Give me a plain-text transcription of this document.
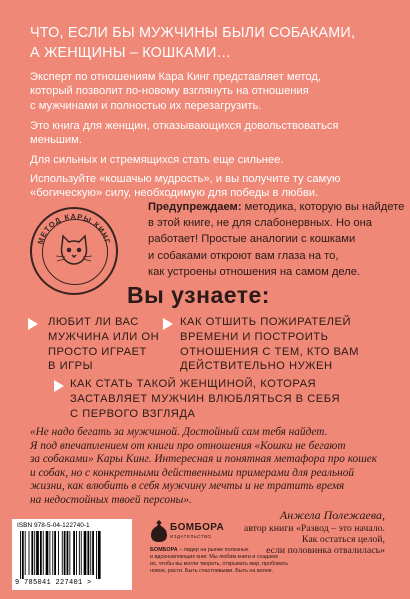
ЧТО, ЕСЛИ БЫ МУЖЧИНЫ БЫЛИ СОБАКАМИ,
А ЖЕНЩИНЫ – КОШКАМИ…
Эксперт по отношениям Кара Кинг представляет метод,
который позволит по-новому взглянуть на отношения
с мужчинами и полностью их перезагрузить.
Это книга для женщин, отказывающихся довольствоваться
меньшим.
Для сильных и стремящихся стать еще сильнее.
Используйте «кошачью мудрость», и вы получите ту самую
«богическую» силу, необходимую для победы в любви.
МЕТОД КАРЫ КИНГ
Предупреждаем: методика, которую вы найдете
в этой книге, не для слабонервных. Но она
работает! Простые аналогии с кошками
и собаками откроют вам глаза на то,
как устроены отношения на самом деле.
Вы узнаете:
ЛЮБИТ ЛИ ВАС
МУЖЧИНА ИЛИ ОН
ПРОСТО ИГРАЕТ
В ИГРЫ
КАК ОТШИТЬ ПОЖИРАТЕЛЕЙ
ВРЕМЕНИ И ПОСТРОИТЬ
ОТНОШЕНИЯ С ТЕМ, КТО ВАМ
ДЕЙСТВИТЕЛЬНО НУЖЕН
КАК СТАТЬ ТАКОЙ ЖЕНЩИНОЙ, КОТОРАЯ
ЗАСТАВЛЯЕТ МУЖЧИН ВЛЮБЛЯТЬСЯ В СЕБЯ
С ПЕРВОГО ВЗГЛЯДА
«Не надо бегать за мужчиной. Достойный сам тебя найдет.
Я под впечатлением от книги про отношения «Кошки не бегают
за собаками» Кары Кинг. Интересная и понятная метафора про кошек
и собак, но с конкретными действенными примерами для реальной
жизни, как влюбить в себя мужчину мечты и не тратить время
на недостойных твоей персоны».
Анжела Полежаева,
автор книги «Развод – это начало.
Как остаться целой,
если половинка отвалилась»
ISBN 978-5-04-122740-1
9 785041 227401 >
БОМБОРА
ИЗДАТЕЛЬСТВО
БОМБОРА – лидер на рынке полезных
и вдохновляющих книг. Мы любим книги и создаем
их, чтобы вы могли творить, открывать мир, пробовать
новое, расти. Быть счастливыми. Быть на волне.
